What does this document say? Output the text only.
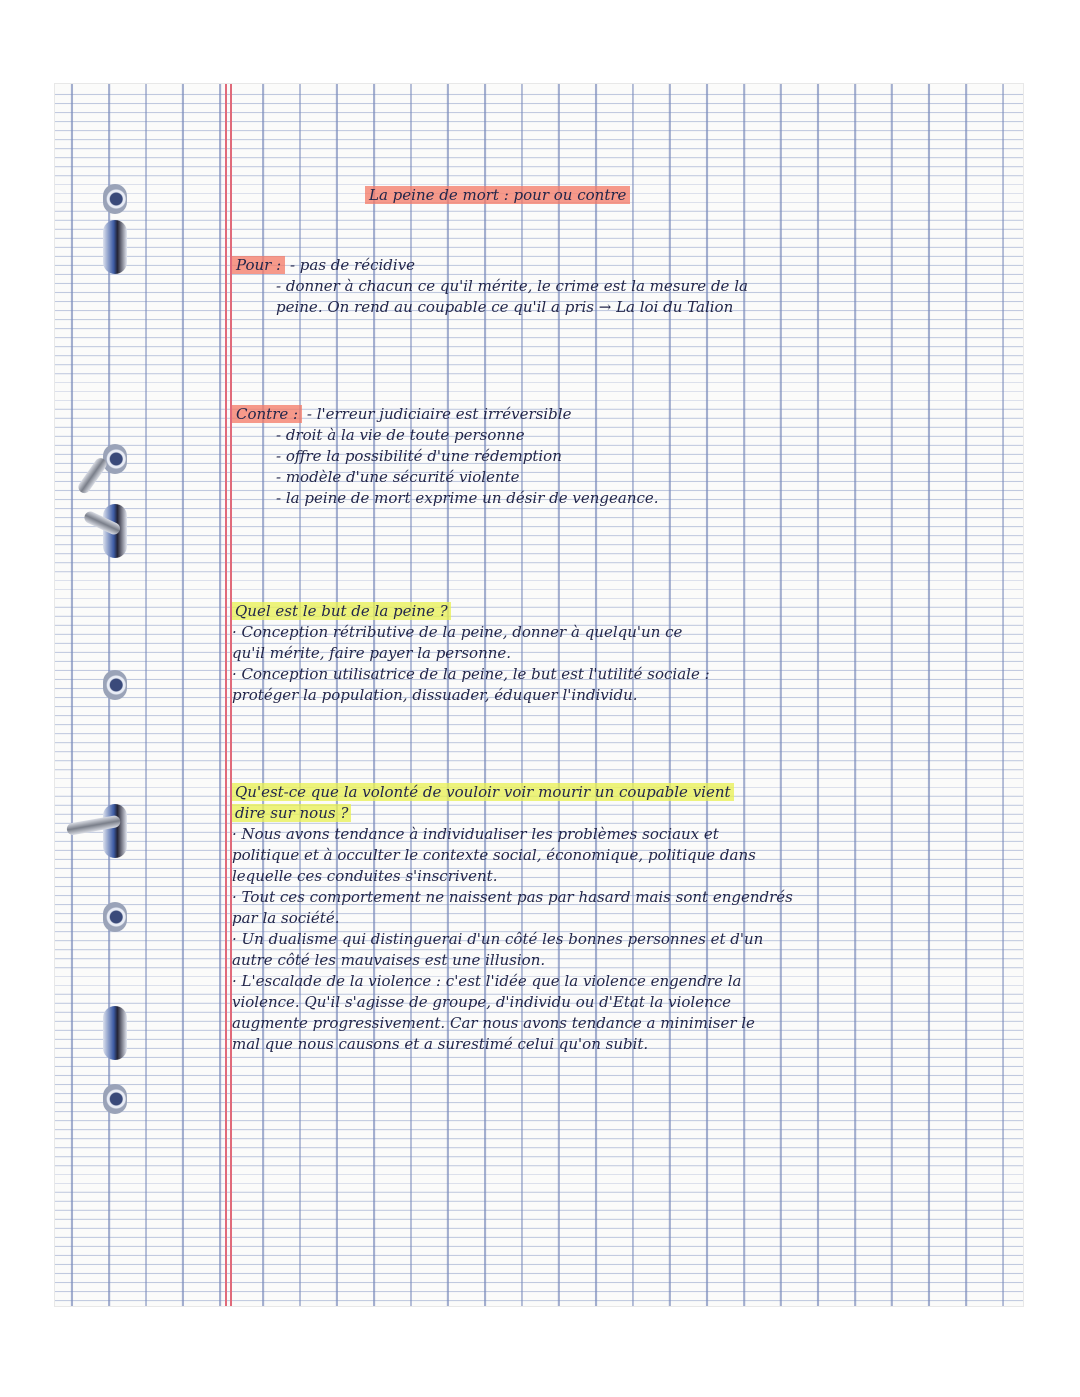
La peine de mort : pour ou contre
Pour : - pas de récidive
- donner à chacun ce qu'il mérite, le crime est la mesure de la
peine. On rend au coupable ce qu'il a pris → La loi du Talion
Contre : - l'erreur judiciaire est irréversible
- droit à la vie de toute personne
- offre la possibilité d'une rédemption
- modèle d'une sécurité violente
- la peine de mort exprime un désir de vengeance.
Quel est le but de la peine ?
· Conception rétributive de la peine, donner à quelqu'un ce
qu'il mérite, faire payer la personne.
· Conception utilisatrice de la peine, le but est l'utilité sociale :
protéger la population, dissuader, éduquer l'individu.
Qu'est-ce que la volonté de vouloir voir mourir un coupable vient
dire sur nous ?
· Nous avons tendance à individualiser les problèmes sociaux et
politique et à occulter le contexte social, économique, politique dans
lequelle ces conduites s'inscrivent.
· Tout ces comportement ne naissent pas par hasard mais sont engendrés
par la société.
· Un dualisme qui distinguerai d'un côté les bonnes personnes et d'un
autre côté les mauvaises est une illusion.
· L'escalade de la violence : c'est l'idée que la violence engendre la
violence. Qu'il s'agisse de groupe, d'individu ou d'Etat la violence
augmente progressivement. Car nous avons tendance a minimiser le
mal que nous causons et a surestimé celui qu'on subit.
